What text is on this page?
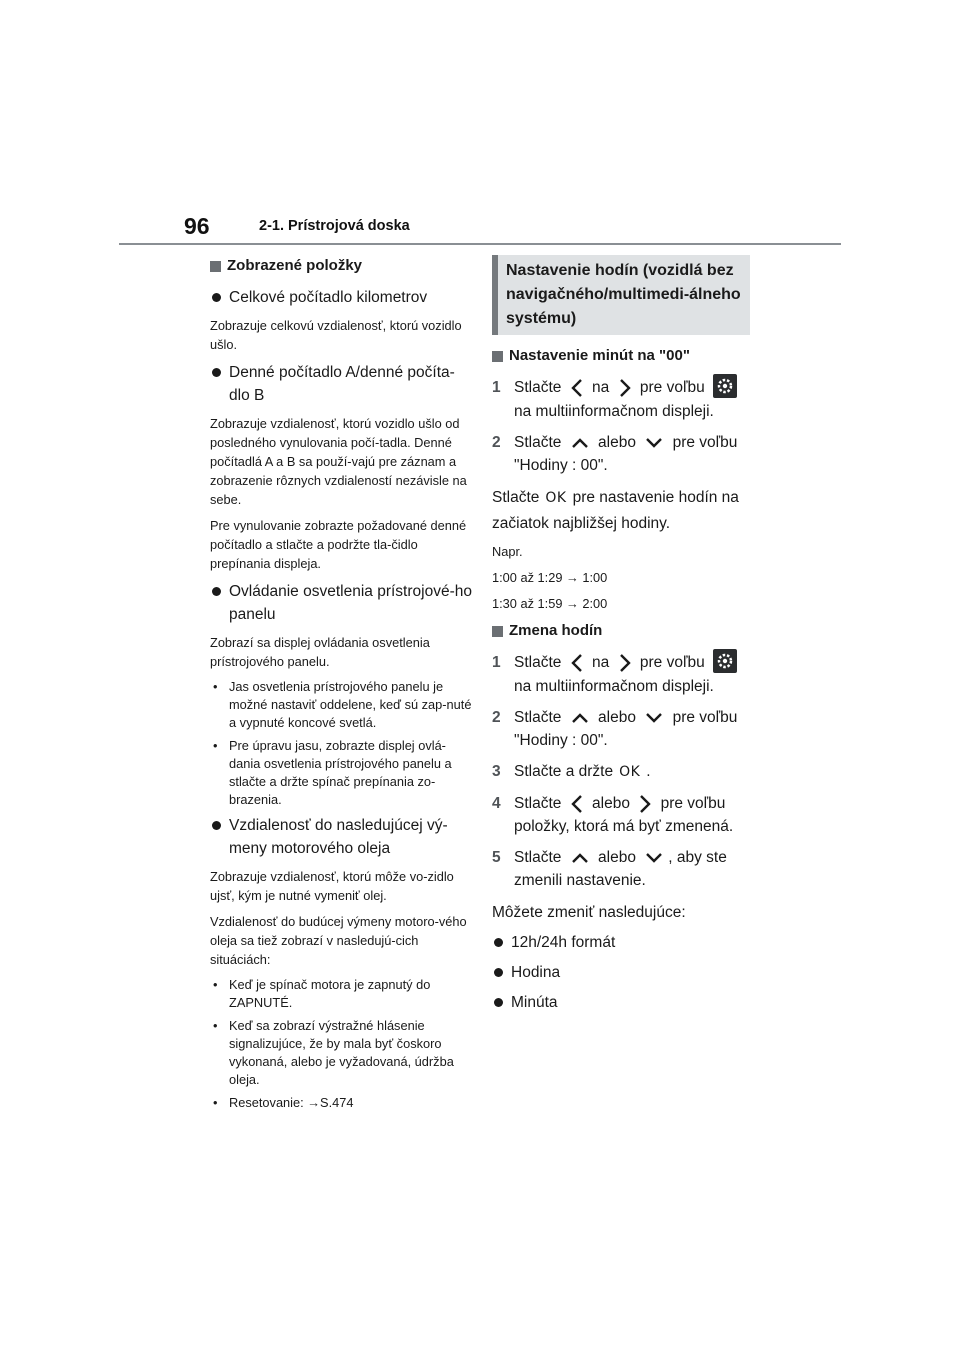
96	2-1. Prístrojová doska
Zobrazené položky
Celkové počítadlo kilometrov

Zobrazuje celkovú vzdialenosť, ktorú vozidlo ušlo.

Denné počítadlo A/denné počíta-dlo B

Zobrazuje vzdialenosť, ktorú vozidlo ušlo od posledného vynulovania počí-tadla. Denné počítadlá A a B sa použí-vajú pre záznam a zobrazenie rôznych vzdialeností nezávisle na sebe.

Pre vynulovanie zobrazte požadované denné počítadlo a stlačte a podržte tla-čidlo prepínania displeja.

Ovládanie osvetlenia prístrojové-ho panelu

Zobrazí sa displej ovládania osvetlenia prístrojového panelu.

• Jas osvetlenia prístrojového panelu je možné nastaviť oddelene, keď sú zap-nuté a vypnuté koncové svetlá.
• Pre úpravu jasu, zobrazte displej ovlá-dania osvetlenia prístrojového panelu a stlačte a držte spínač prepínania zo-brazenia.
Vzdialenosť do nasledujúcej vý-meny motorového oleja

Zobrazuje vzdialenosť, ktorú môže vo-zidlo ujsť, kým je nutné vymeniť olej.

Vzdialenosť do budúcej výmeny motoro-vého oleja sa tiež zobrazí v nasledujú-cich situáciách:

• Keď je spínač motora je zapnutý do ZAPNUTÉ.
• Keď sa zobrazí výstražné hlásenie signalizujúce, že by mala byť čoskoro vykonaná, alebo je vyžadovaná, údržba oleja.
• Resetovanie: →S.474
Nastavenie hodín (vozidlá bez navigačného/multimedi-álneho systému)
Nastavenie minút na "00"
1 Stlačte na pre voľbu
na multiinformačnom displeji.
2 Stlačte alebo pre voľbu
"Hodiny : 00".

Stlačte OK pre nastavenie hodín na začiatok najbližšej hodiny.

Napr.

1:00 až 1:29 → 1:00

1:30 až 1:59 → 2:00

Zmena hodín
1 Stlačte na pre voľbu
na multiinformačnom displeji.
2 Stlačte alebo pre voľbu
"Hodiny : 00".
3 Stlačte a držte OK .
4 Stlačte alebo pre voľbu
položky, ktorá má byť zmenená.
5 Stlačte alebo , aby ste
zmenili nastavenie.

Môžete zmeniť nasledujúce:

12h/24h formát
Hodina
Minúta
